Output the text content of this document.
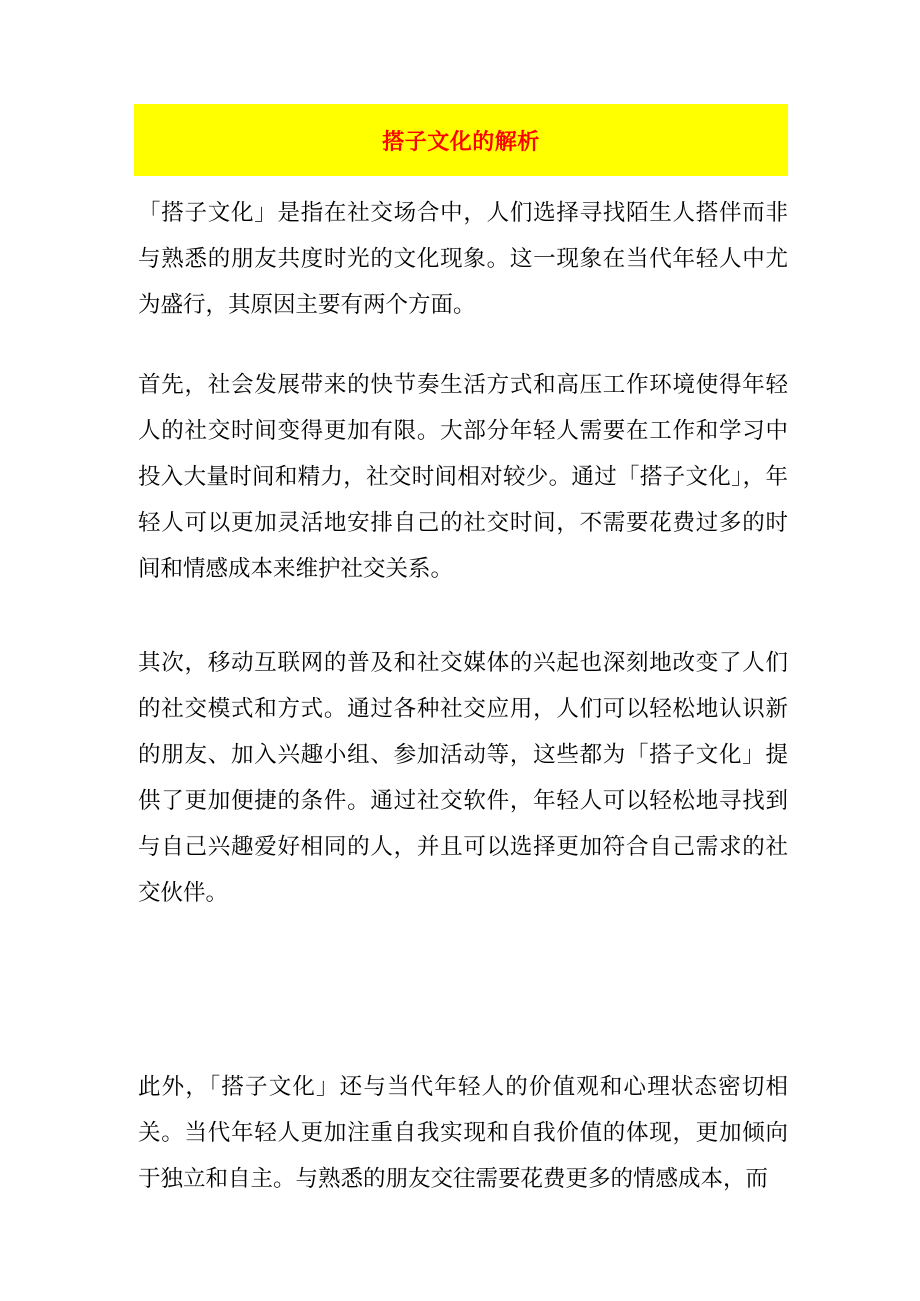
搭子文化的解析

「搭子文化」是指在社交场合中，人们选择寻找陌生人搭伴而非与熟悉的朋友共度时光的文化现象。这一现象在当代年轻人中尤为盛行，其原因主要有两个方面。

首先，社会发展带来的快节奏生活方式和高压工作环境使得年轻人的社交时间变得更加有限。大部分年轻人需要在工作和学习中投入大量时间和精力，社交时间相对较少。通过「搭子文化」，年轻人可以更加灵活地安排自己的社交时间，不需要花费过多的时间和情感成本来维护社交关系。

其次，移动互联网的普及和社交媒体的兴起也深刻地改变了人们的社交模式和方式。通过各种社交应用，人们可以轻松地认识新的朋友、加入兴趣小组、参加活动等，这些都为「搭子文化」提供了更加便捷的条件。通过社交软件，年轻人可以轻松地寻找到与自己兴趣爱好相同的人，并且可以选择更加符合自己需求的社交伙伴。

此外，「搭子文化」还与当代年轻人的价值观和心理状态密切相关。当代年轻人更加注重自我实现和自我价值的体现，更加倾向于独立和自主。与熟悉的朋友交往需要花费更多的情感成本，而
